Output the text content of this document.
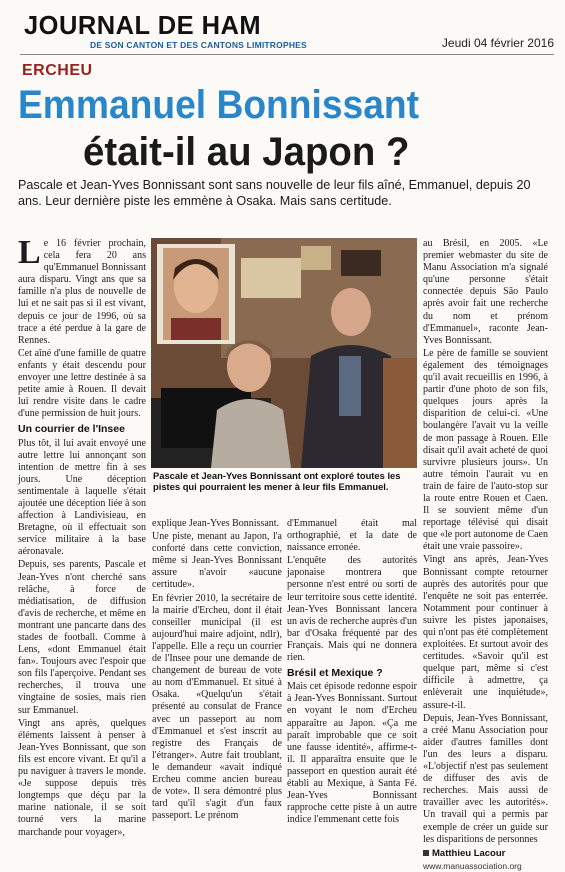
JOURNAL DE HAM
DE SON CANTON ET DES CANTONS LIMITROPHES	Jeudi 04 février 2016
ERCHEU
Emmanuel Bonnissant
était-il au Japon ?
Pascale et Jean-Yves Bonnissant sont sans nouvelle de leur fils aîné, Emmanuel, depuis 20 ans. Leur dernière piste les emmène à Osaka. Mais sans certitude.

Le 16 février prochain, cela fera 20 ans qu'Emmanuel Bonnissant aura disparu. Vingt ans que sa famille n'a plus de nouvelle de lui et ne sait pas si il est vivant, depuis ce jour de 1996, où sa trace a été perdue à la gare de Rennes.

Cet aîné d'une famille de quatre enfants y était descendu pour envoyer une lettre destinée à sa petite amie à Rouen. Il devait lui rendre visite dans le cadre d'une permission de huit jours.

Un courrier de l'Insee

Plus tôt, il lui avait envoyé une autre lettre lui annonçant son intention de mettre fin à ses jours. Une déception sentimentale à laquelle s'était ajoutée une déception liée à son affection à Landivisieau, en Bretagne, où il effectuait son service militaire à la base aéronavale.

Depuis, ses parents, Pascale et Jean-Yves n'ont cherché sans relâche, à force de médiatisation, de diffusion d'avis de recherche, et même en montrant une pancarte dans des stades de football. Comme à Lens, «dont Emmanuel était fan». Toujours avec l'espoir que son fils l'aperçoive. Pendant ses recherches, il trouva une vingtaine de sosies, mais rien sur Emmanuel.

Vingt ans après, quelques éléments laissent à penser à Jean-Yves Bonnissant, que son fils est encore vivant. Et qu'il a pu naviguer à travers le monde. «Je suppose depuis très longtemps que déçu par la marine nationale, il se soit tourné vers la marine marchande pour voyager»,

Pascale et Jean-Yves Bonnissant ont exploré toutes les pistes qui pourraient les mener à leur fils Emmanuel.

explique Jean-Yves Bonnissant.

Une piste, menant au Japon, l'a conforté dans cette conviction, même si Jean-Yves Bonnissant assure n'avoir «aucune certitude».

En février 2010, la secrétaire de la mairie d'Ercheu, dont il était conseiller municipal (il est aujourd'hui maire adjoint, ndlr), l'appelle. Elle a reçu un courrier de l'Insee pour une demande de changement de bureau de vote au nom d'Emmanuel. Et situé à Osaka. «Quelqu'un s'était présenté au consulat de France avec un passeport au nom d'Emmanuel et s'est inscrit au registre des Français de l'étranger». Autre fait troublant, le demandeur «avait indiqué Ercheu comme ancien bureau de vote». Il sera démontré plus tard qu'il s'agit d'un faux passeport. Le prénom

d'Emmanuel était mal orthographié, et la date de naissance erronée.

L'enquête des autorités japonaise montrera que personne n'est entré ou sorti de leur territoire sous cette identité. Jean-Yves Bonnissant lancera un avis de recherche auprès d'un bar d'Osaka fréquenté par des Français. Mais qui ne donnera rien.

Brésil et Mexique ?

Mais cet épisode redonne espoir à Jean-Yves Bonnissant. Surtout en voyant le nom d'Ercheu apparaître au Japon. «Ça me paraît improbable que ce soit une fausse identité», affirme-t-il. Il apparaîtra ensuite que le passeport en question aurait été établi au Mexique, à Santa Fé. Jean-Yves Bonnissant rapproche cette piste à un autre indice l'emmenant cette fois

au Brésil, en 2005. «Le premier webmaster du site de Manu Association m'a signalé qu'une personne s'était connectée depuis São Paulo après avoir fait une recherche du nom et prénom d'Emmanuel», raconte Jean-Yves Bonnissant.

Le père de famille se souvient également des témoignages qu'il avait recueillis en 1996, à partir d'une photo de son fils, quelques jours après la disparition de celui-ci. «Une boulangère l'avait vu la veille de mon passage à Rouen. Elle disait qu'il avait acheté de quoi survivre plusieurs jours». Un autre témoin l'aurait vu en train de faire de l'auto-stop sur la route entre Rouen et Caen. Il se souvient même d'un reportage télévisé qui disait que «le port autonome de Caen était une vraie passoire».

Vingt ans après, Jean-Yves Bonnissant compte retourner auprès des autorités pour que l'enquête ne soit pas enterrée. Notamment pour continuer à suivre les pistes japonaises, qui n'ont pas été complètement exploitées. Et surtout avoir des certitudes. «Savoir qu'il est quelque part, même si c'est difficile à admettre, ça enlèverait une inquiétude», assure-t-il.

Depuis, Jean-Yves Bonnissant, a créé Manu Association pour aider d'autres familles dont l'un des leurs a disparu. «L'objectif n'est pas seulement de diffuser des avis de recherches. Mais aussi de travailler avec les autorités». Un travail qui a permis par exemple de créer un guide sur les disparitions de personnes

Matthieu Lacour
www.manuassociation.org
